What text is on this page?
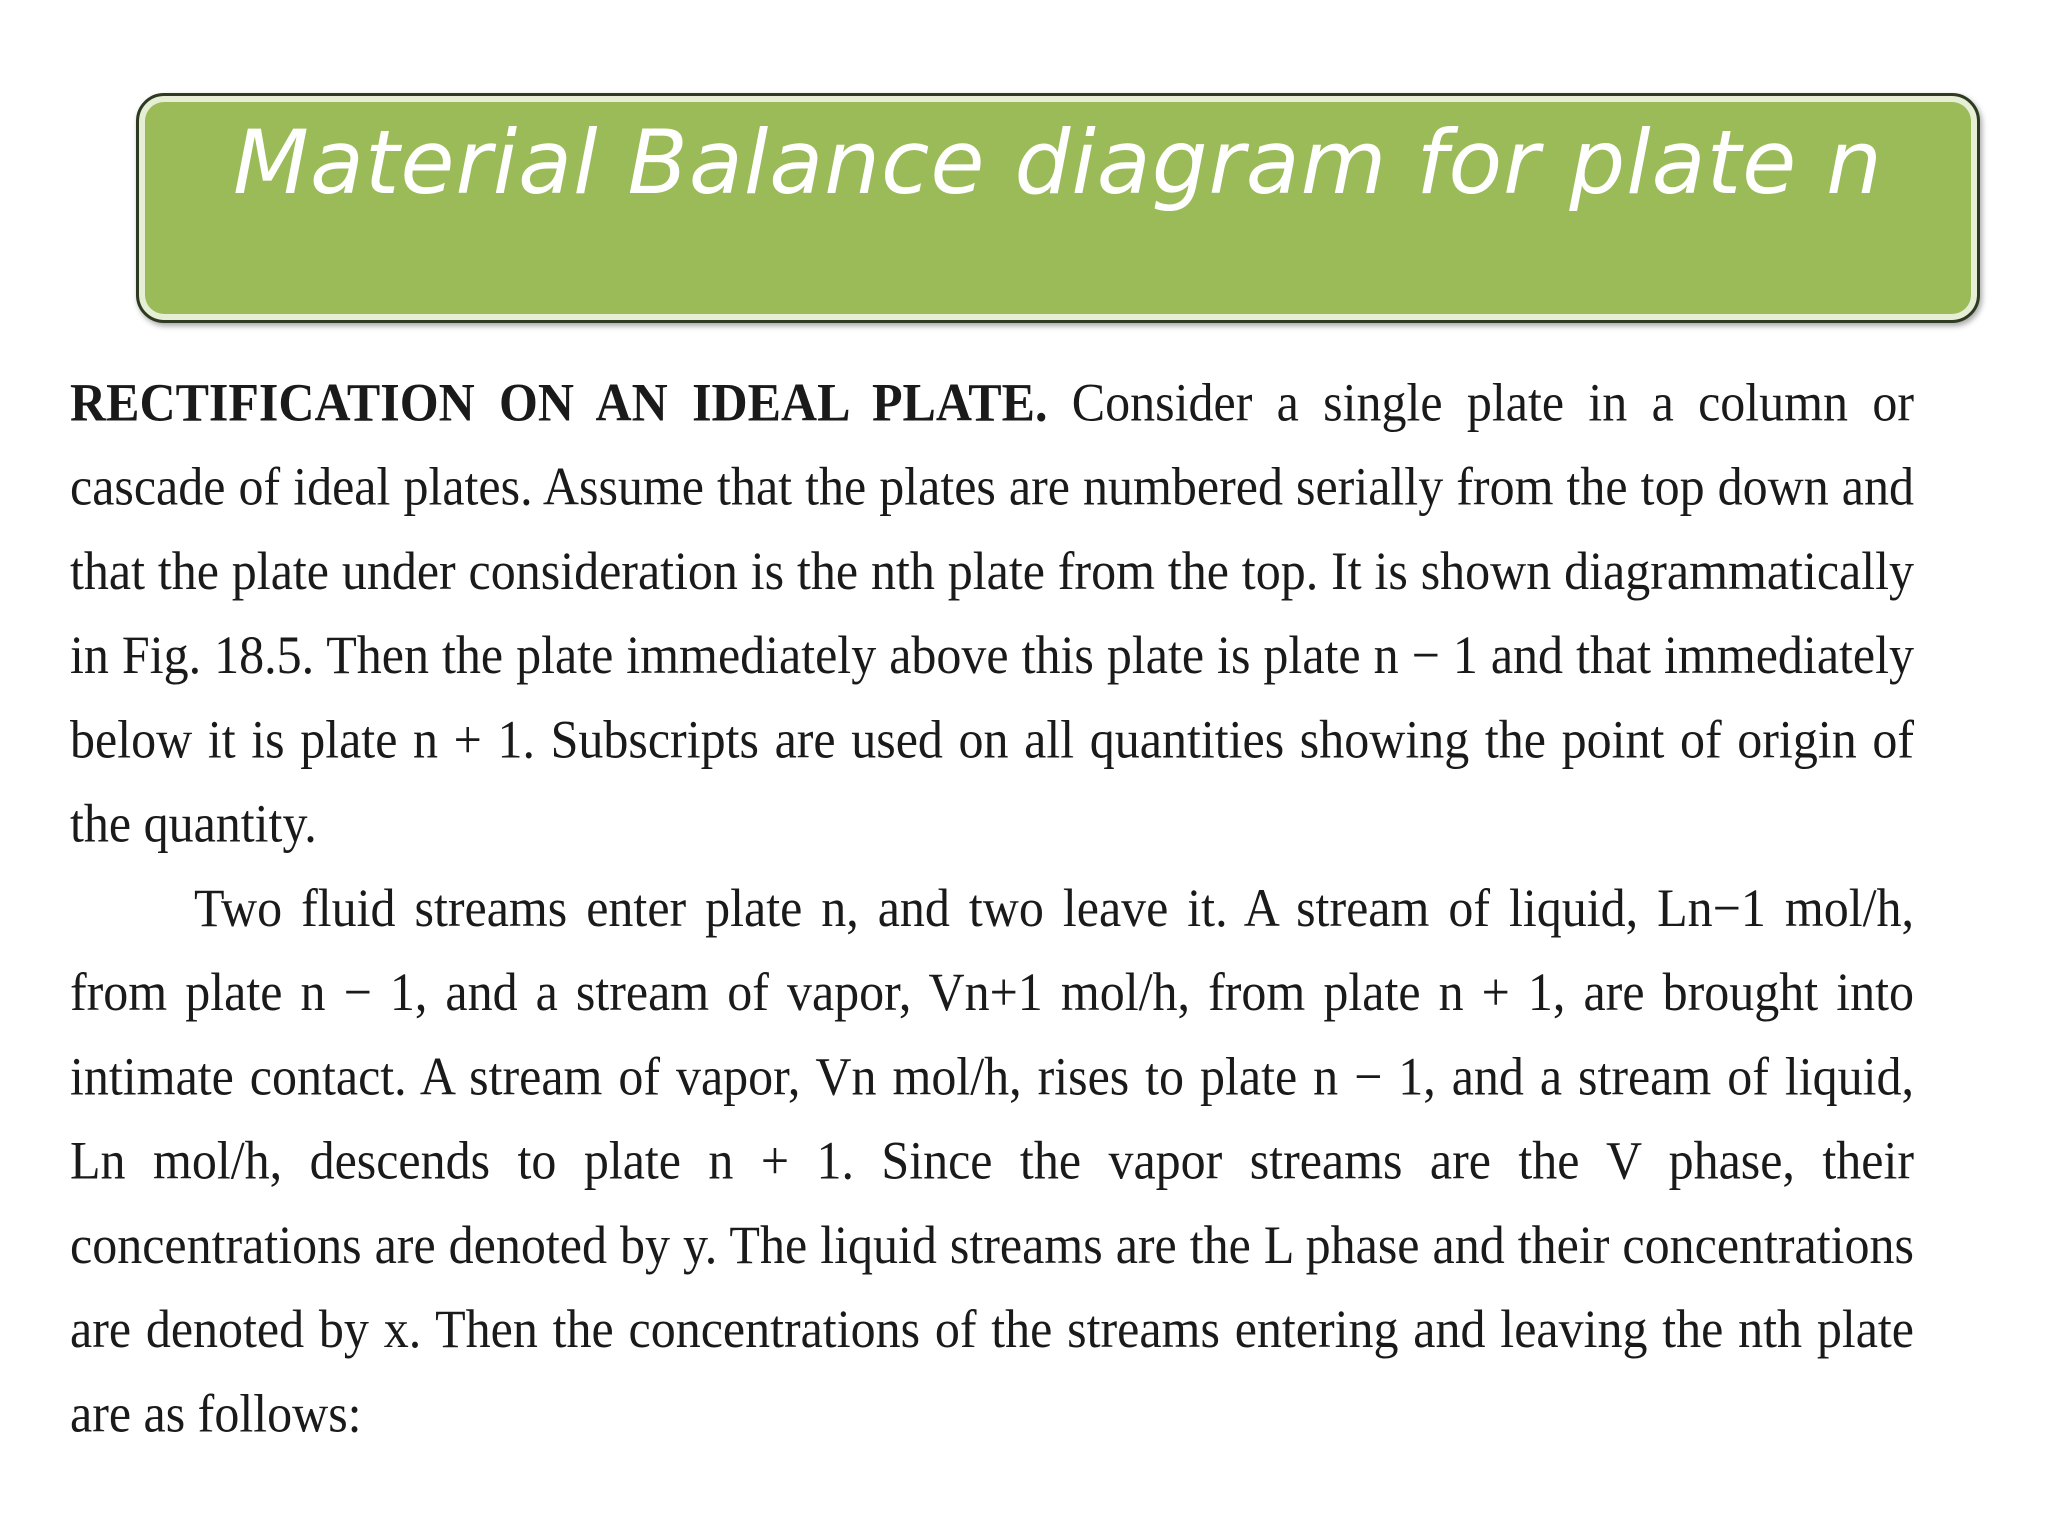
Material Balance diagram for plate n

RECTIFICATION ON AN IDEAL PLATE. Consider a single plate in a column or cascade of ideal plates. Assume that the plates are numbered serially from the top down and that the plate under consideration is the nth plate from the top. It is shown diagrammatically in Fig. 18.5. Then the plate immediately above this plate is plate n − 1 and that immediately below it is plate n + 1. Subscripts are used on all quantities showing the point of origin of the quantity.

Two fluid streams enter plate n, and two leave it. A stream of liquid, Ln−1 mol/h, from plate n − 1, and a stream of vapor, Vn+1 mol/h, from plate n + 1, are brought into intimate contact. A stream of vapor, Vn mol/h, rises to plate n − 1, and a stream of liquid, Ln mol/h, descends to plate n + 1. Since the vapor streams are the V phase, their concentrations are denoted by y. The liquid streams are the L phase and their concentrations are denoted by x. Then the concentrations of the streams entering and leaving the nth plate are as follows:
